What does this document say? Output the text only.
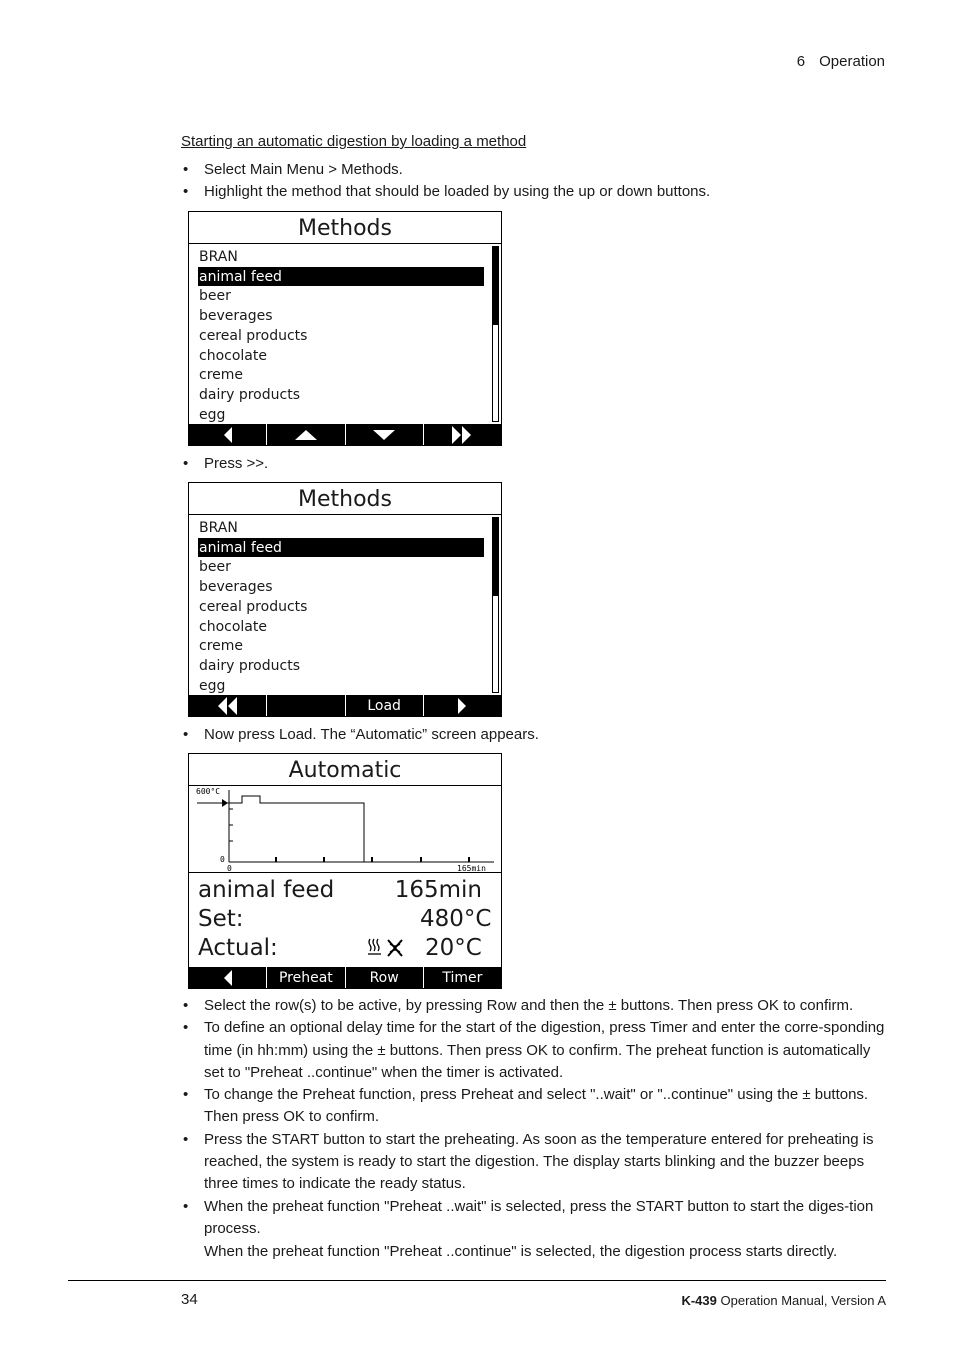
6 Operation
Starting an automatic digestion by loading a method
• Select Main Menu > Methods.
• Highlight the method that should be loaded by using the up or down buttons.
Methods
BRAN
animal feed
beer
beverages
cereal products
chocolate
creme
dairy products
egg
• Press >>.
Methods
BRAN
animal feed
beer
beverages
cereal products
chocolate
creme
dairy products
egg
Load
• Now press Load. The “Automatic” screen appears.
Automatic
600°C
0
0	165min
animal feed	165min
Set:	480°C
Actual:	20°C
Preheat	Row	Timer
• Select the row(s) to be active, by pressing Row and then the ± buttons. Then press OK to confirm.
• To define an optional delay time for the start of the digestion, press Timer and enter the corre-sponding time (in hh:mm) using the ± buttons. Then press OK to confirm. The preheat function is automatically set to "Preheat ..continue" when the timer is activated.
• To change the Preheat function, press Preheat and select "..wait" or "..continue" using the ± buttons. Then press OK to confirm.
• Press the START button to start the preheating. As soon as the temperature entered for preheating is reached, the system is ready to start the digestion. The display starts blinking and the buzzer beeps three times to indicate the ready status.
• When the preheat function "Preheat ..wait" is selected, press the START button to start the diges-tion process.
When the preheat function "Preheat ..continue" is selected, the digestion process starts directly.
34	K-439 Operation Manual, Version A
